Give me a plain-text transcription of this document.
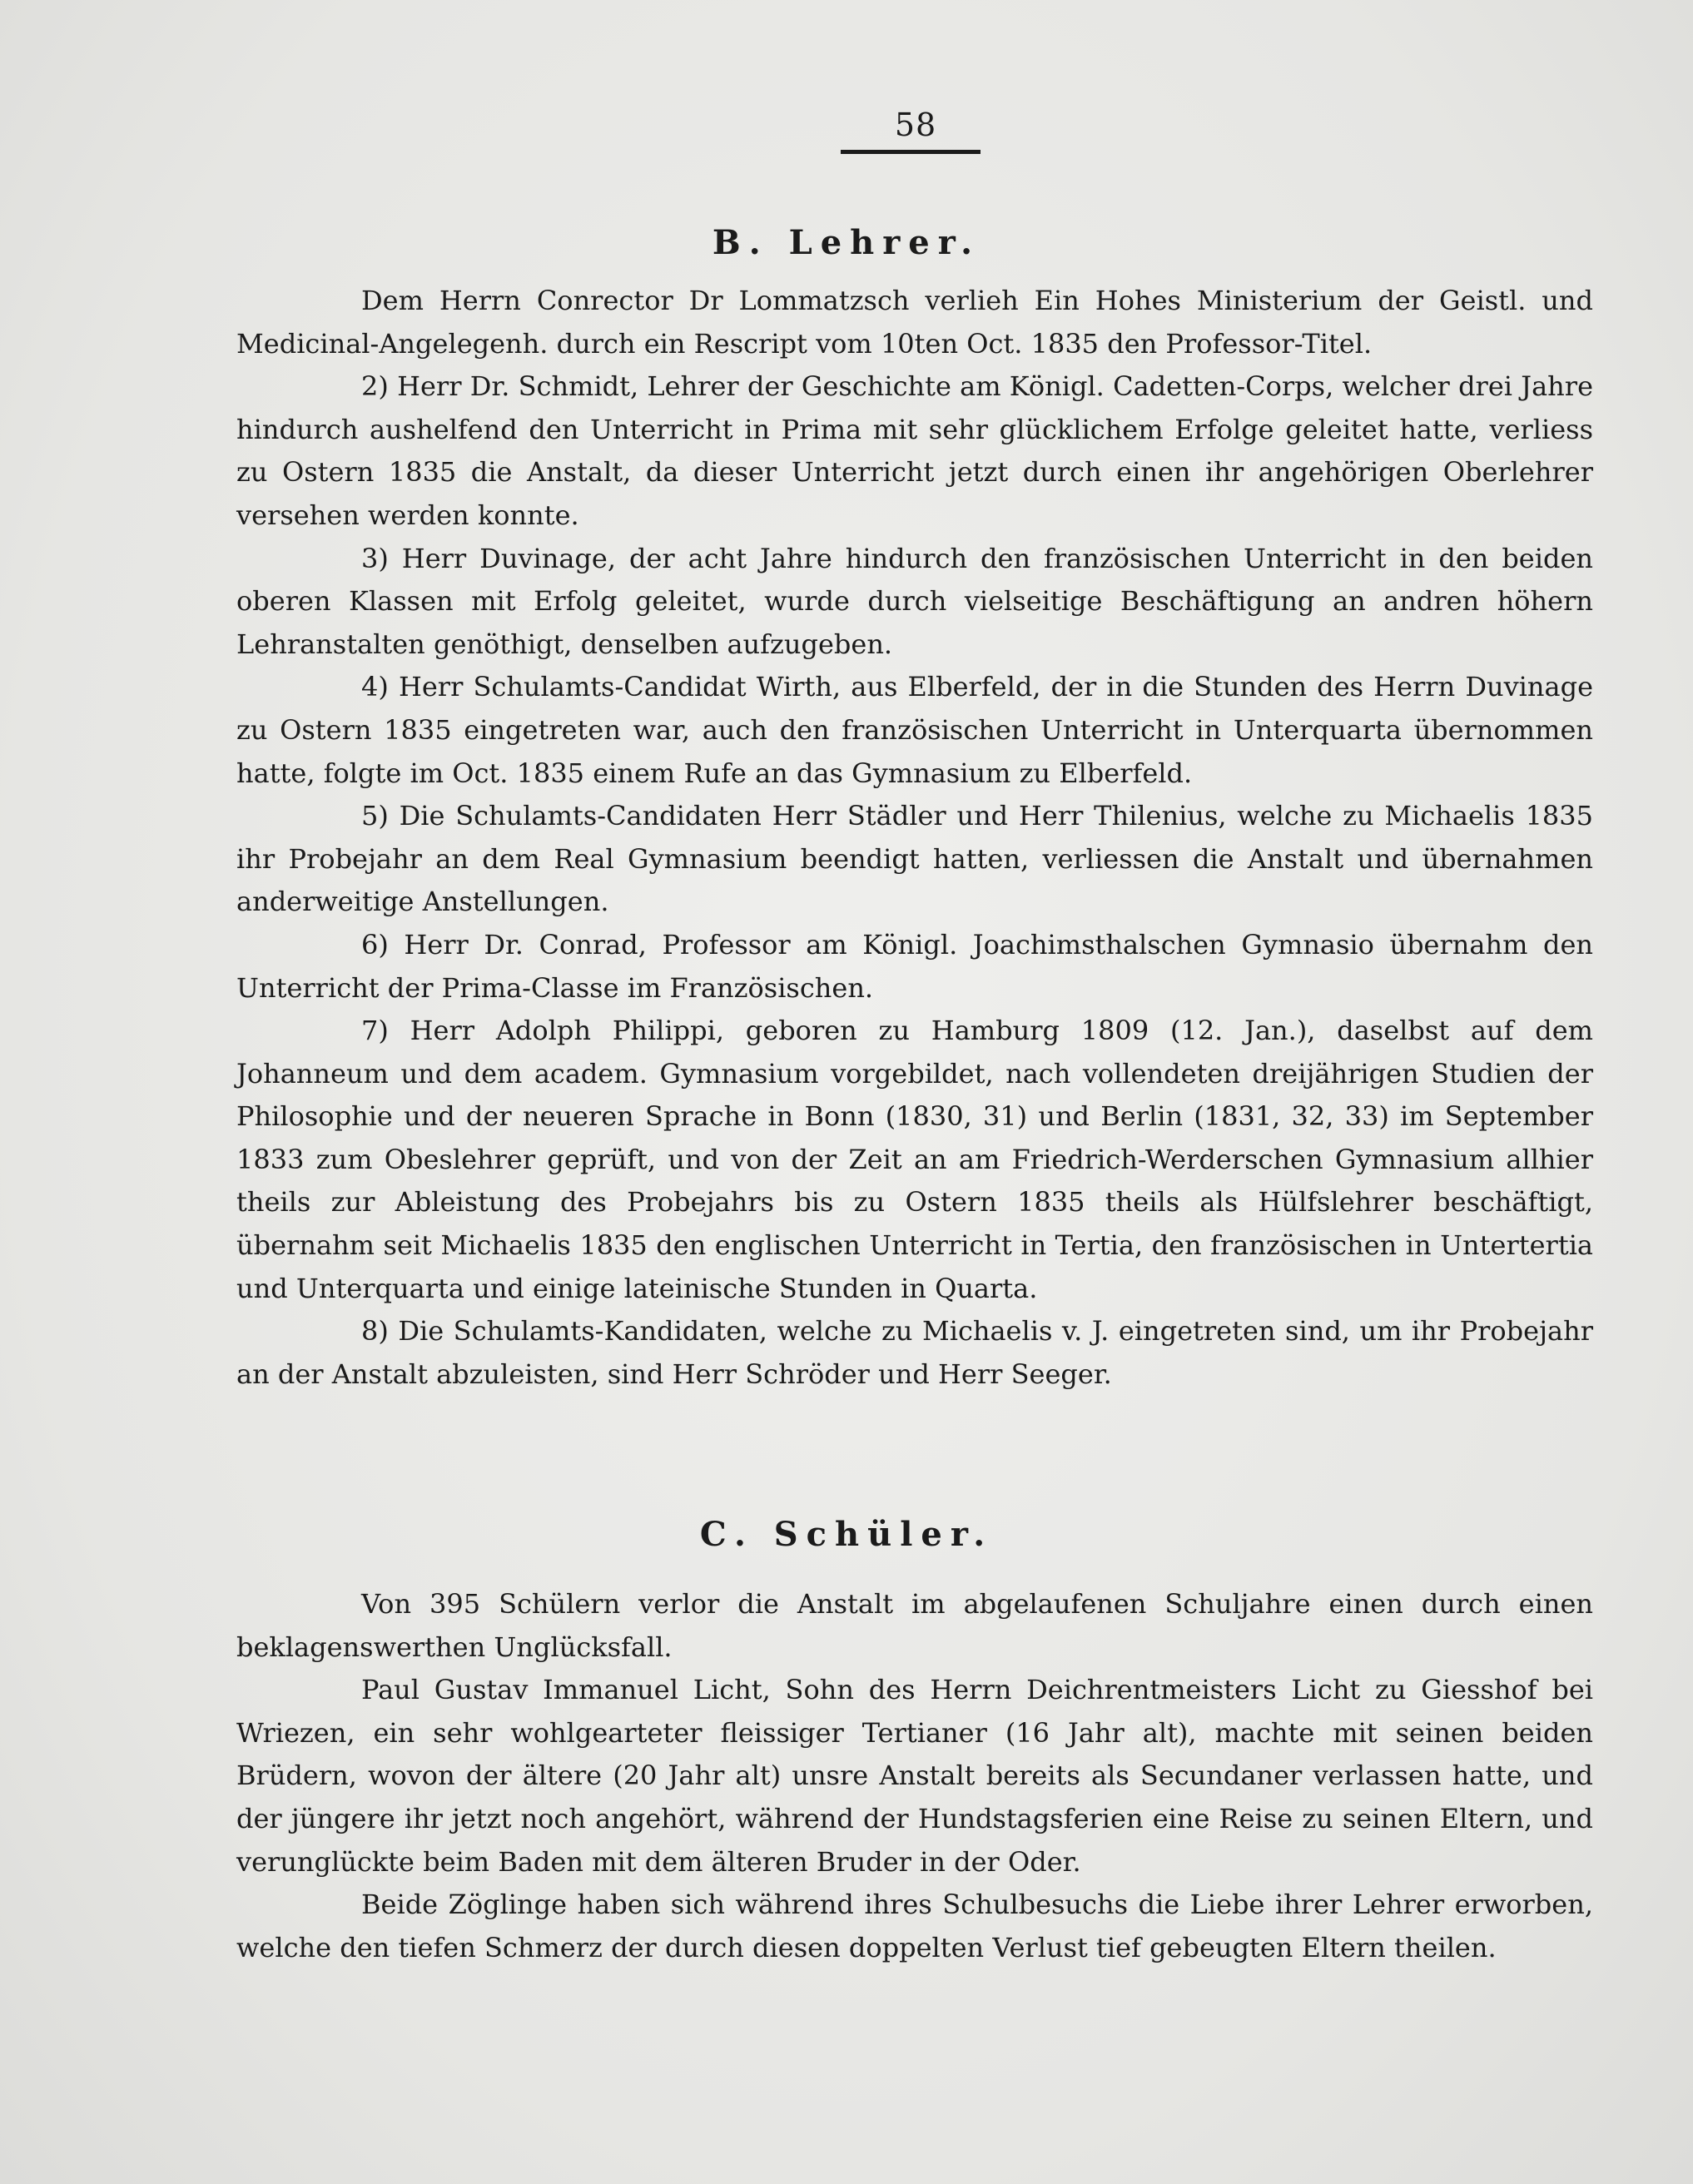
58
B. Lehrer.

Dem Herrn Conrector Dr Lommatzsch verlieh Ein Hohes Ministerium der Geistl. und Medicinal-Angelegenh. durch ein Rescript vom 10ten Oct. 1835 den Professor-Titel.

2) Herr Dr. Schmidt, Lehrer der Geschichte am Königl. Cadetten-Corps, welcher drei Jahre hindurch aushelfend den Unterricht in Prima mit sehr glücklichem Erfolge geleitet hatte, verliess zu Ostern 1835 die Anstalt, da dieser Unterricht jetzt durch einen ihr angehörigen Oberlehrer versehen werden konnte.

3) Herr Duvinage, der acht Jahre hindurch den französischen Unterricht in den beiden oberen Klassen mit Erfolg geleitet, wurde durch vielseitige Beschäftigung an andren höhern Lehranstalten genöthigt, denselben aufzugeben.

4) Herr Schulamts-Candidat Wirth, aus Elberfeld, der in die Stunden des Herrn Duvinage zu Ostern 1835 eingetreten war, auch den französischen Unterricht in Unterquarta übernommen hatte, folgte im Oct. 1835 einem Rufe an das Gymnasium zu Elberfeld.

5) Die Schulamts-Candidaten Herr Städler und Herr Thilenius, welche zu Michaelis 1835 ihr Probejahr an dem Real Gymnasium beendigt hatten, verliessen die Anstalt und übernahmen anderweitige Anstellungen.

6) Herr Dr. Conrad, Professor am Königl. Joachimsthalschen Gymnasio übernahm den Unterricht der Prima-Classe im Französischen.

7) Herr Adolph Philippi, geboren zu Hamburg 1809 (12. Jan.), daselbst auf dem Johanneum und dem academ. Gymnasium vorgebildet, nach vollendeten dreijährigen Studien der Philosophie und der neueren Sprache in Bonn (1830, 31) und Berlin (1831, 32, 33) im September 1833 zum Obeslehrer geprüft, und von der Zeit an am Friedrich-Werderschen Gymnasium allhier theils zur Ableistung des Probejahrs bis zu Ostern 1835 theils als Hülfslehrer beschäftigt, übernahm seit Michaelis 1835 den englischen Unterricht in Tertia, den französischen in Untertertia und Unterquarta und einige lateinische Stunden in Quarta.

8) Die Schulamts-Kandidaten, welche zu Michaelis v. J. eingetreten sind, um ihr Probejahr an der Anstalt abzuleisten, sind Herr Schröder und Herr Seeger.

C. Schüler.

Von 395 Schülern verlor die Anstalt im abgelaufenen Schuljahre einen durch einen beklagenswerthen Unglücksfall.

Paul Gustav Immanuel Licht, Sohn des Herrn Deichrentmeisters Licht zu Giesshof bei Wriezen, ein sehr wohlgearteter fleissiger Tertianer (16 Jahr alt), machte mit seinen beiden Brüdern, wovon der ältere (20 Jahr alt) unsre Anstalt bereits als Secundaner verlassen hatte, und der jüngere ihr jetzt noch angehört, während der Hundstagsferien eine Reise zu seinen Eltern, und verunglückte beim Baden mit dem älteren Bruder in der Oder.

Beide Zöglinge haben sich während ihres Schulbesuchs die Liebe ihrer Lehrer erworben, welche den tiefen Schmerz der durch diesen doppelten Verlust tief gebeugten Eltern theilen.
